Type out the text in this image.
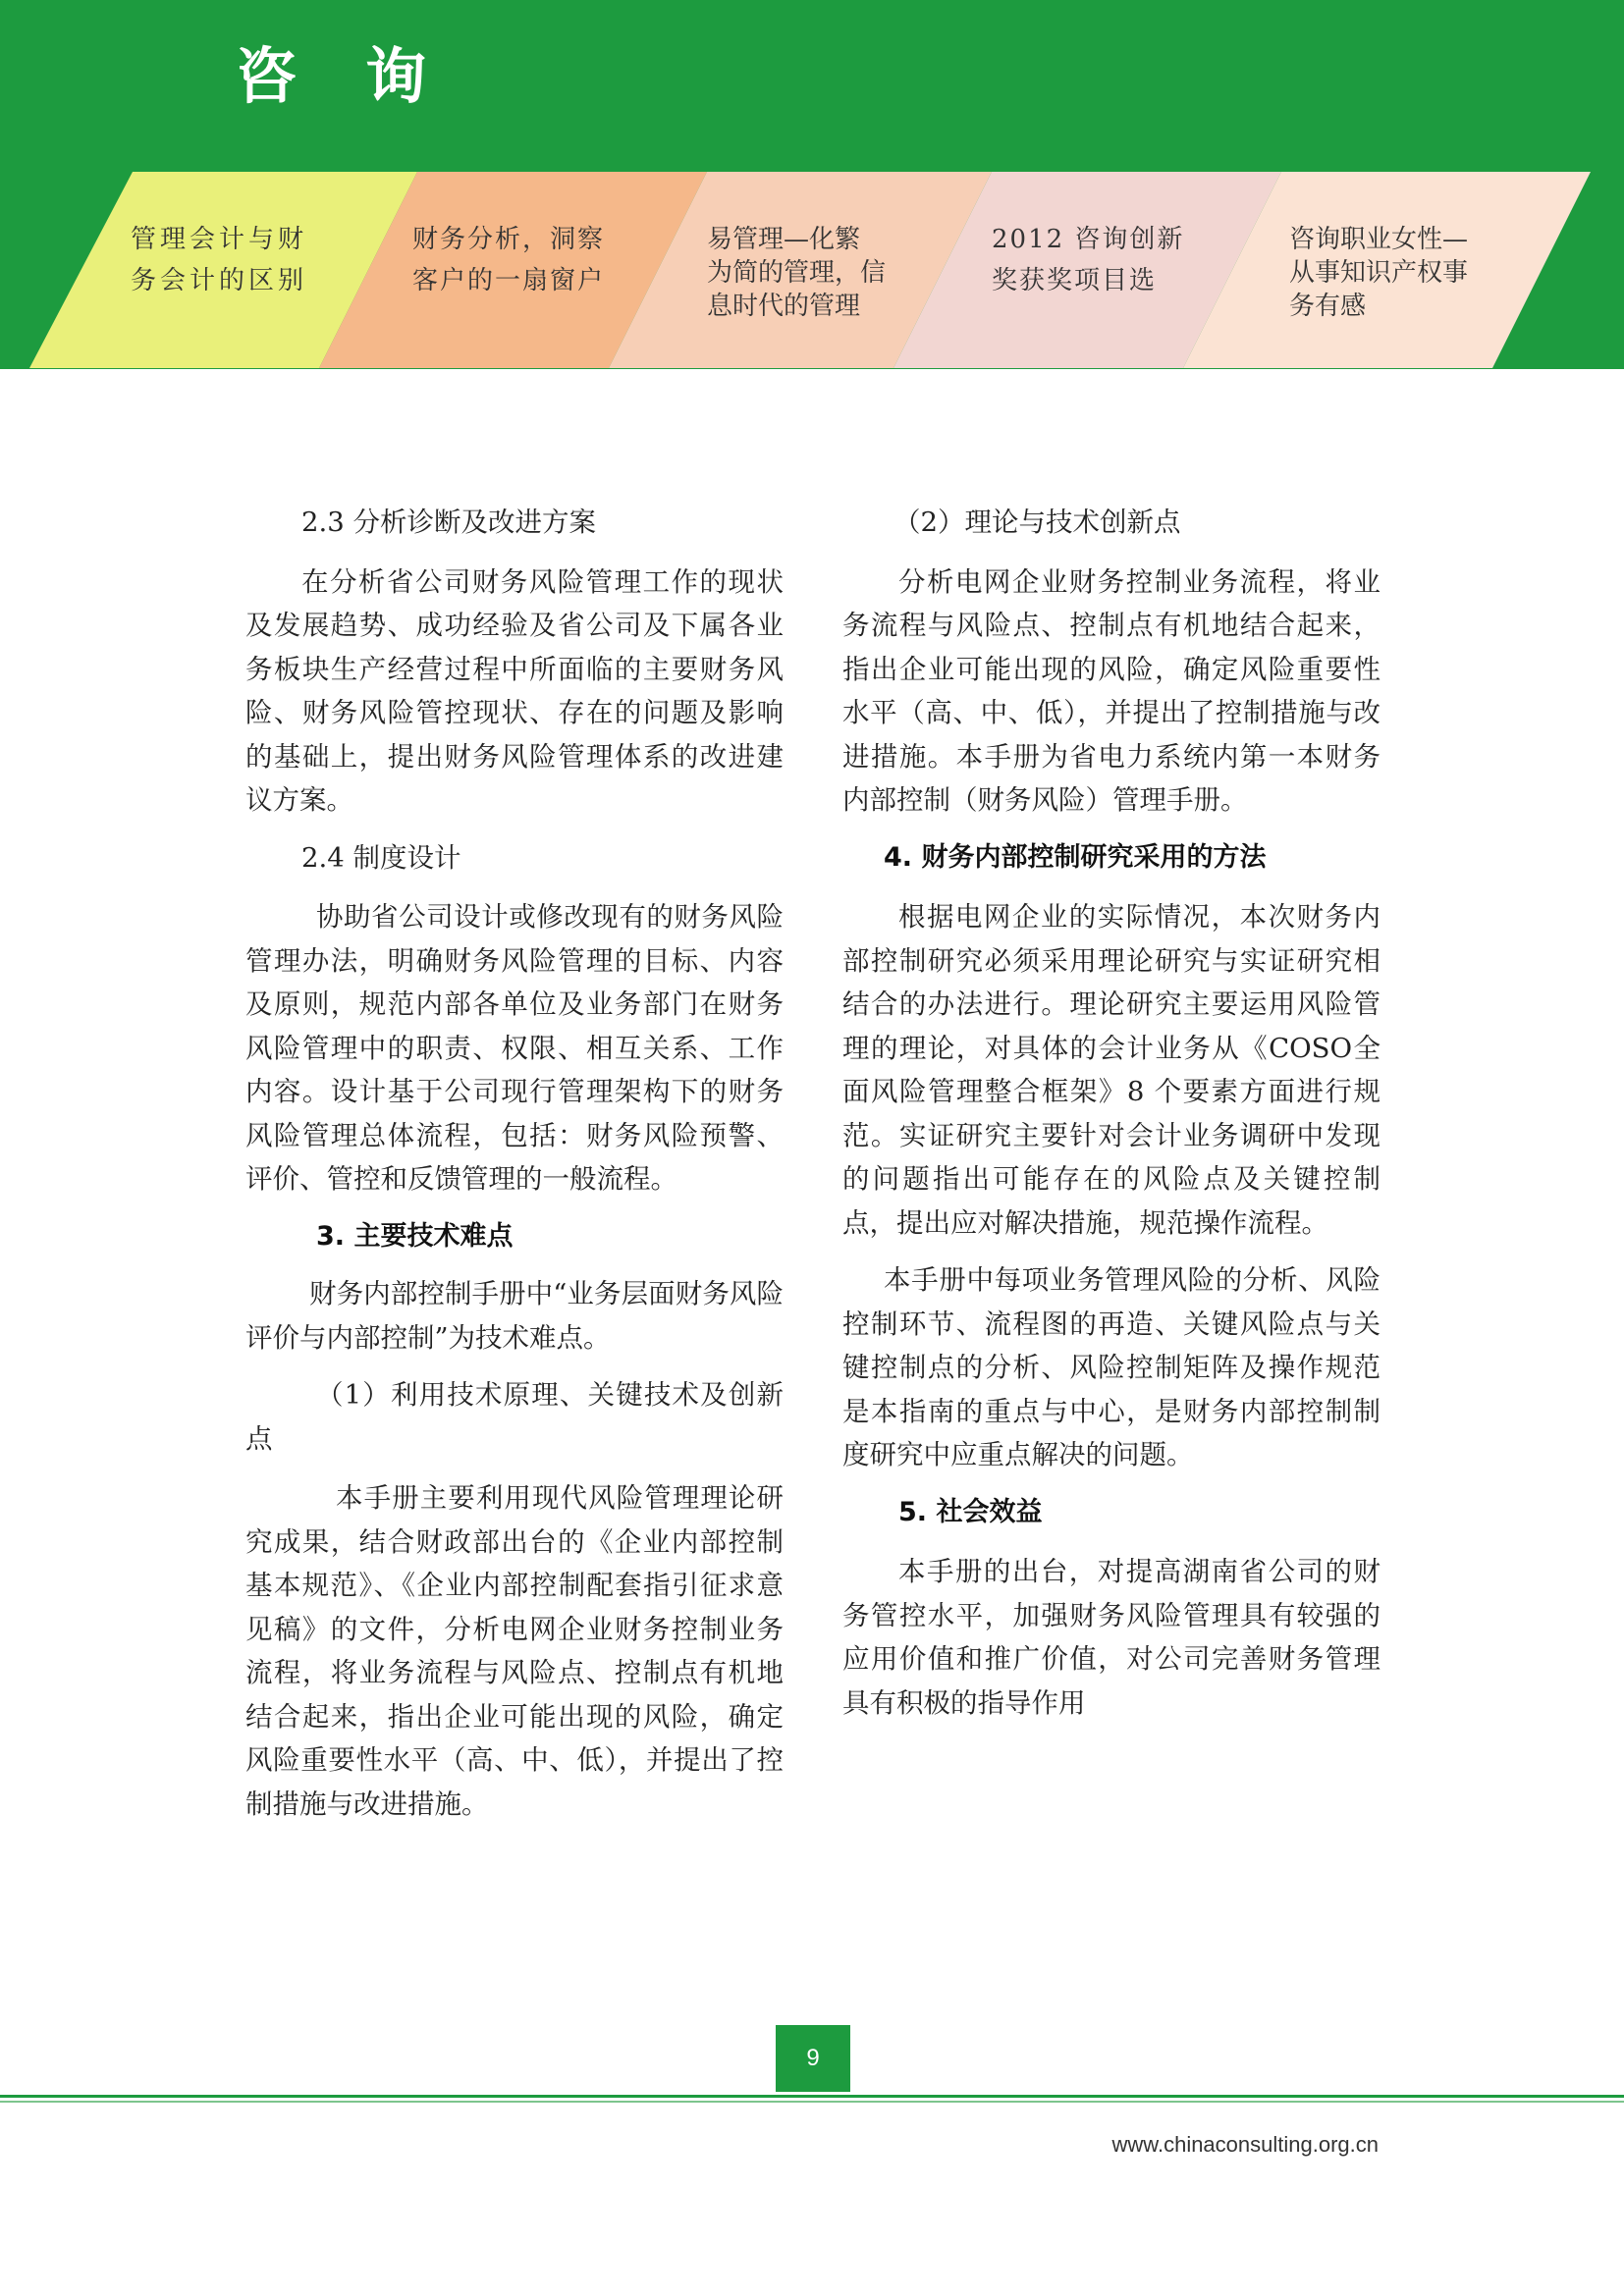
咨 询
管理会计与财
务会计的区别
财务分析，洞察
客户的一扇窗户
易管理—化繁
为简的管理，信
息时代的管理
2012 咨询创新
奖获奖项目选
咨询职业女性—
从事知识产权事
务有感

2.3 分析诊断及改进方案

在分析省公司财务风险管理工作的现状及发展趋势、成功经验及省公司及下属各业务板块生产经营过程中所面临的主要财务风险、财务风险管控现状、存在的问题及影响的基础上，提出财务风险管理体系的改进建议方案。

2.4 制度设计

协助省公司设计或修改现有的财务风险管理办法，明确财务风险管理的目标、内容及原则，规范内部各单位及业务部门在财务风险管理中的职责、权限、相互关系、工作内容。设计基于公司现行管理架构下的财务风险管理总体流程，包括：财务风险预警、评价、管控和反馈管理的一般流程。

3. 主要技术难点

财务内部控制手册中“业务层面财务风险评价与内部控制”为技术难点。

（1）利用技术原理、关键技术及创新点

本手册主要利用现代风险管理理论研究成果，结合财政部出台的《企业内部控制基本规范》、《企业内部控制配套指引征求意见稿》的文件，分析电网企业财务控制业务流程，将业务流程与风险点、控制点有机地结合起来，指出企业可能出现的风险，确定风险重要性水平（高、中、低），并提出了控制措施与改进措施。

（2）理论与技术创新点

分析电网企业财务控制业务流程，将业务流程与风险点、控制点有机地结合起来，指出企业可能出现的风险，确定风险重要性水平（高、中、低），并提出了控制措施与改进措施。本手册为省电力系统内第一本财务内部控制（财务风险）管理手册。

4. 财务内部控制研究采用的方法

根据电网企业的实际情况，本次财务内部控制研究必须采用理论研究与实证研究相结合的办法进行。理论研究主要运用风险管理的理论，对具体的会计业务从《COSO全面风险管理整合框架》8 个要素方面进行规范。实证研究主要针对会计业务调研中发现的问题指出可能存在的风险点及关键控制点，提出应对解决措施，规范操作流程。

本手册中每项业务管理风险的分析、风险控制环节、流程图的再造、关键风险点与关键控制点的分析、风险控制矩阵及操作规范是本指南的重点与中心，是财务内部控制制度研究中应重点解决的问题。

5. 社会效益

本手册的出台，对提高湖南省公司的财务管控水平，加强财务风险管理具有较强的应用价值和推广价值，对公司完善财务管理具有积极的指导作用

9
www.chinaconsulting.org.cn
